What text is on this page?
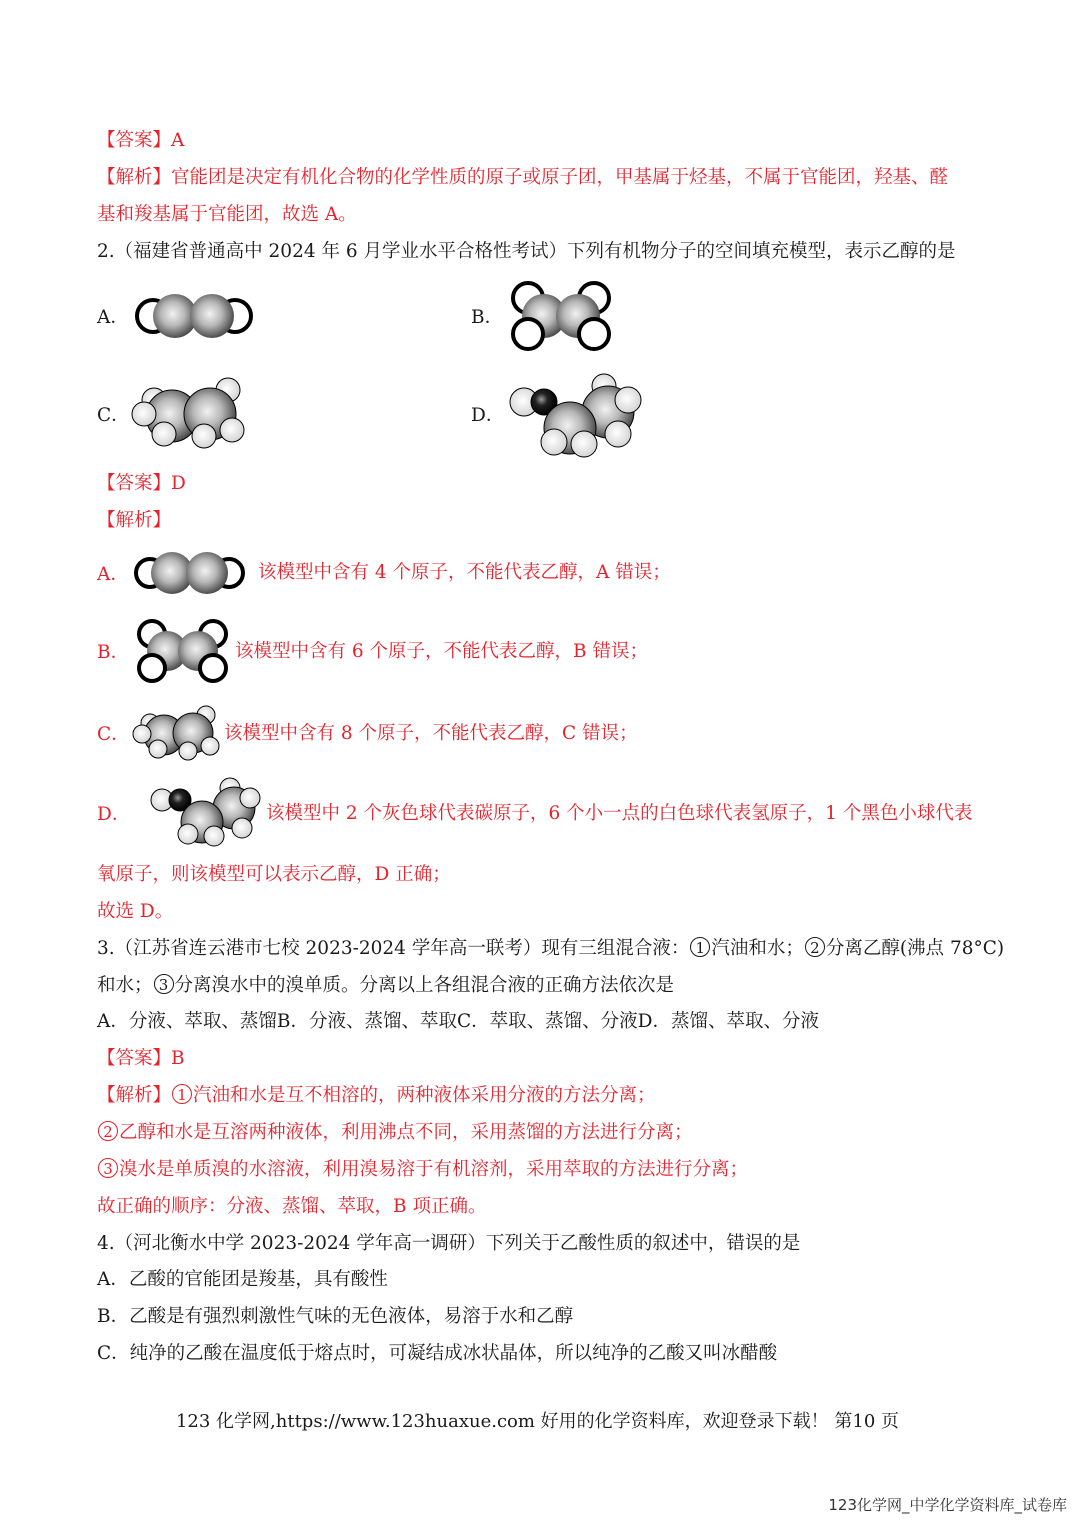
【答案】A
【解析】官能团是决定有机化合物的化学性质的原子或原子团，甲基属于烃基，不属于官能团，羟基、醛
基和羧基属于官能团，故选 A。
2.（福建省普通高中 2024 年 6 月学业水平合格性考试）下列有机物分子的空间填充模型，表示乙醇的是
A．	B．
C．	D．
【答案】D
【解析】
A．	该模型中含有 4 个原子，不能代表乙醇，A 错误；
B．	该模型中含有 6 个原子，不能代表乙醇，B 错误；
C．	该模型中含有 8 个原子，不能代表乙醇，C 错误；
D．	该模型中 2 个灰色球代表碳原子，6 个小一点的白色球代表氢原子，1 个黑色小球代表
氧原子，则该模型可以表示乙醇，D 正确；
故选 D。
3.（江苏省连云港市七校 2023-2024 学年高一联考）现有三组混合液： 1 汽油和水； 2 分离乙醇(沸点 78°C)
和水； 3 分离溴水中的溴单质。分离以上各组混合液的正确方法依次是
A．分液、萃取、蒸馏B．分液、蒸馏、萃取C．萃取、蒸馏、分液D．蒸馏、萃取、分液
【答案】B
【解析】 1 汽油和水是互不相溶的，两种液体采用分液的方法分离；
2 乙醇和水是互溶两种液体，利用沸点不同，采用蒸馏的方法进行分离；
3 溴水是单质溴的水溶液，利用溴易溶于有机溶剂，采用萃取的方法进行分离；
故正确的顺序：分液、蒸馏、萃取，B 项正确。
4.（河北衡水中学 2023-2024 学年高一调研）下列关于乙酸性质的叙述中，错误的是
A．乙酸的官能团是羧基，具有酸性
B．乙酸是有强烈刺激性气味的无色液体，易溶于水和乙醇
C．纯净的乙酸在温度低于熔点时，可凝结成冰状晶体，所以纯净的乙酸又叫冰醋酸
123 化学网,https://www.123huaxue.com 好用的化学资料库，欢迎登录下载！ 第10 页
123化学网_中学化学资料库_试卷库
